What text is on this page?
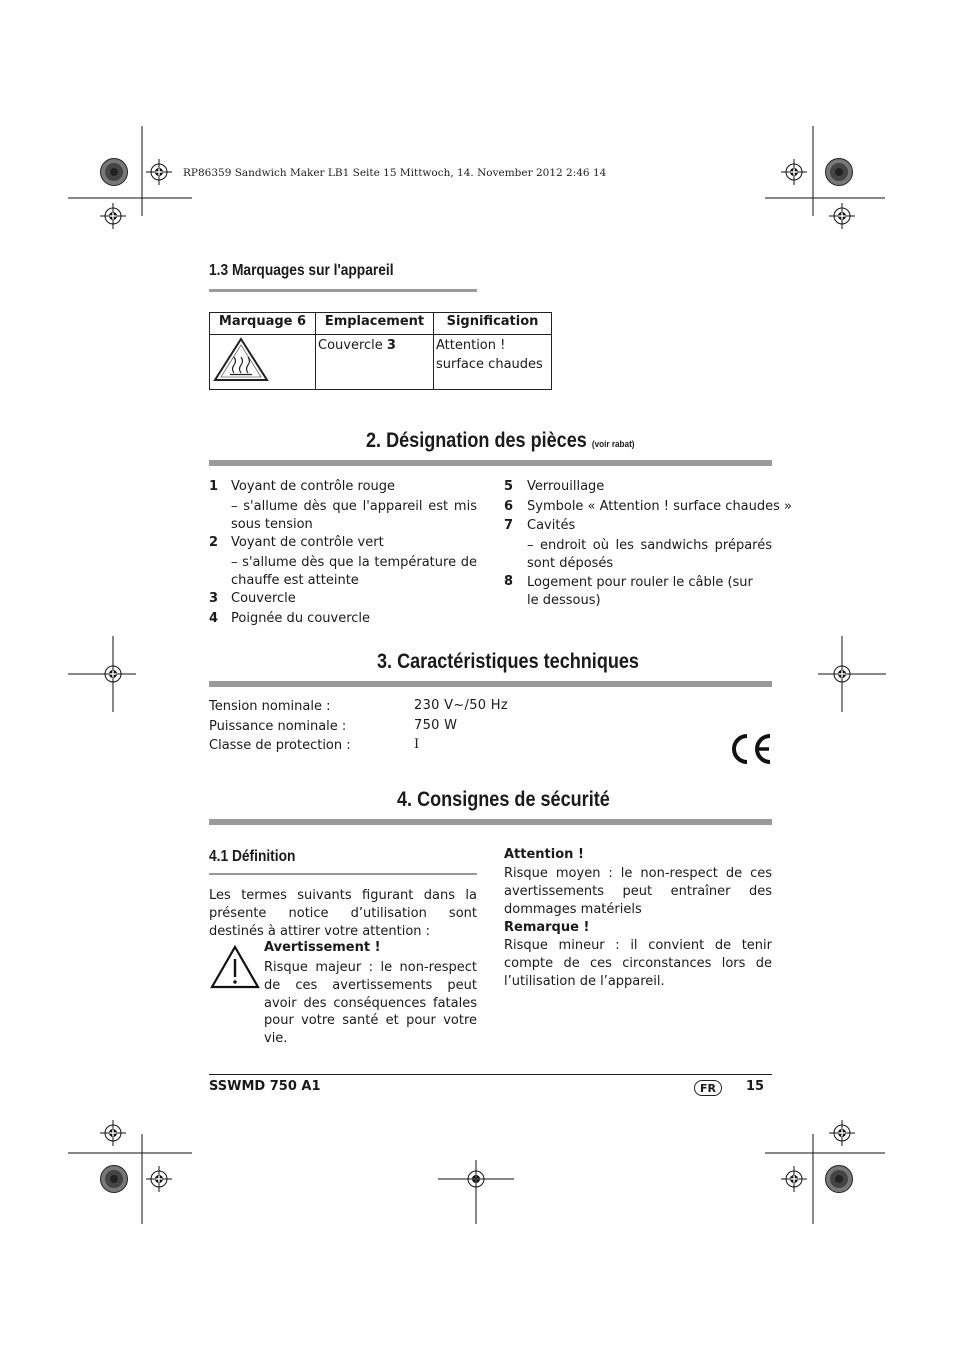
RP86359 Sandwich Maker LB1 Seite 15 Mittwoch, 14. November 2012 2:46 14
1.3 Marquages sur l'appareil
Marquage 6	Emplacement	Signification
	Couvercle 3	Attention ! surface chaudes
2. Désignation des pièces (voir rabat)
1 Voyant de contrôle rouge
– s'allume dès que l'appareil est mis sous tension
2 Voyant de contrôle vert
– s'allume dès que la température de chauffe est atteinte
3 Couvercle
4 Poignée du couvercle
5 Verrouillage
6 Symbole « Attention ! surface chaudes »
7 Cavités
– endroit où les sandwichs préparés sont déposés
8 Logement pour rouler le câble (sur le dessous)
3. Caractéristiques techniques
Tension nominale :	230 V~/50 Hz
Puissance nominale :	750 W
Classe de protection :	I
4. Consignes de sécurité
4.1 Définition
Les termes suivants figurant dans la présente notice d’utilisation sont destinés à attirer votre attention :
Avertissement !
Risque majeur : le non-respect de ces avertissements peut avoir des conséquences fatales pour votre santé et pour votre vie.
Attention !
Risque moyen : le non-respect de ces avertissements peut entraîner des dommages matériels
Remarque !
Risque mineur : il convient de tenir compte de ces circonstances lors de l’utilisation de l’appareil.
SSWMD 750 A1	FR	15
